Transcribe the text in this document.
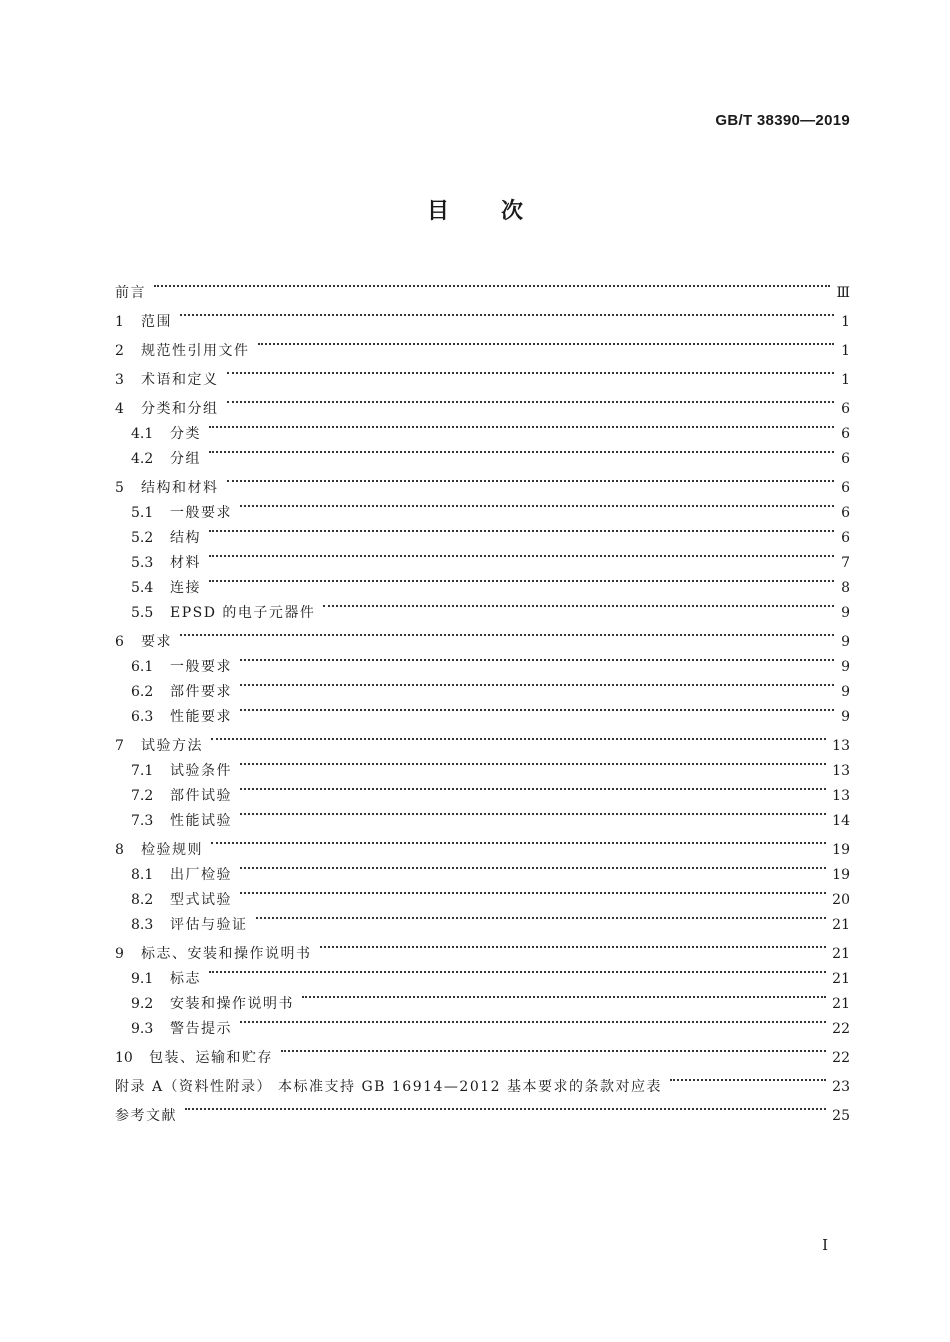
GB/T 38390—2019
目 次
前言	Ⅲ
1	范围	1
2	规范性引用文件	1
3	术语和定义	1
4	分类和分组	6
4.1	分类	6
4.2	分组	6
5	结构和材料	6
5.1	一般要求	6
5.2	结构	6
5.3	材料	7
5.4	连接	8
5.5	EPSD 的电子元器件	9
6	要求	9
6.1	一般要求	9
6.2	部件要求	9
6.3	性能要求	9
7	试验方法	13
7.1	试验条件	13
7.2	部件试验	13
7.3	性能试验	14
8	检验规则	19
8.1	出厂检验	19
8.2	型式试验	20
8.3	评估与验证	21
9	标志、安装和操作说明书	21
9.1	标志	21
9.2	安装和操作说明书	21
9.3	警告提示	22
10	包装、运输和贮存	22
附录 A（资料性附录） 本标准支持 GB 16914—2012 基本要求的条款对应表	23
参考文献	25
I
